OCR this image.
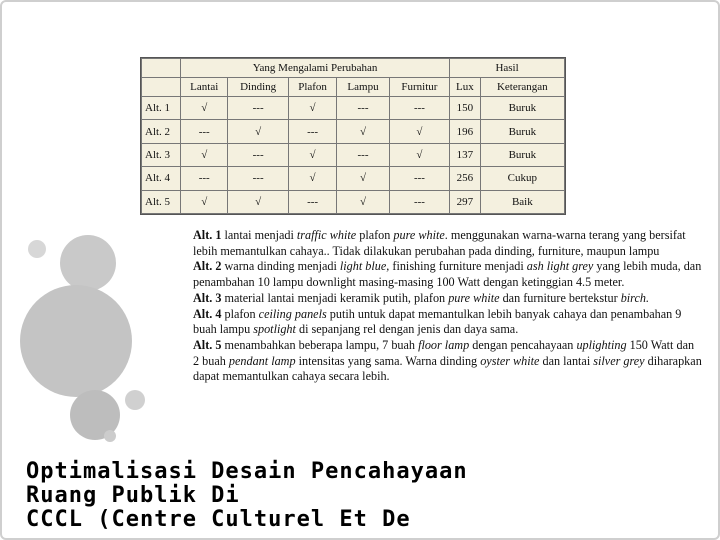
	Yang Mengalami Perubahan					Hasil	
	Lantai	Dinding	Plafon	Lampu	Furnitur	Lux	Keterangan
Alt. 1	√	---	√	---	---	150	Buruk
Alt. 2	---	√	---	√	√	196	Buruk
Alt. 3	√	---	√	---	√	137	Buruk
Alt. 4	---	---	√	√	---	256	Cukup
Alt. 5	√	√	---	√	---	297	Baik

Alt. 1 lantai menjadi traffic white plafon pure white. menggunakan warna-warna terang yang bersifat lebih memantulkan cahaya.. Tidak dilakukan perubahan pada dinding, furniture, maupun lampu

Alt. 2 warna dinding menjadi light blue, finishing furniture menjadi ash light grey yang lebih muda, dan penambahan 10 lampu downlight masing-masing 100 Watt dengan ketinggian 4.5 meter.

Alt. 3 material lantai menjadi keramik putih, plafon pure white dan furniture bertekstur birch.

Alt. 4 plafon ceiling panels putih untuk dapat memantulkan lebih banyak cahaya dan penambahan 9 buah lampu spotlight di sepanjang rel dengan jenis dan daya sama.

Alt. 5 menambahkan beberapa lampu, 7 buah floor lamp dengan pencahayaan uplighting 150 Watt dan 2 buah pendant lamp intensitas yang sama. Warna dinding oyster white dan lantai silver grey diharapkan dapat memantulkan cahaya secara lebih.

Optimalisasi Desain Pencahayaan
Ruang Publik Di
CCCL (Centre Culturel Et De
